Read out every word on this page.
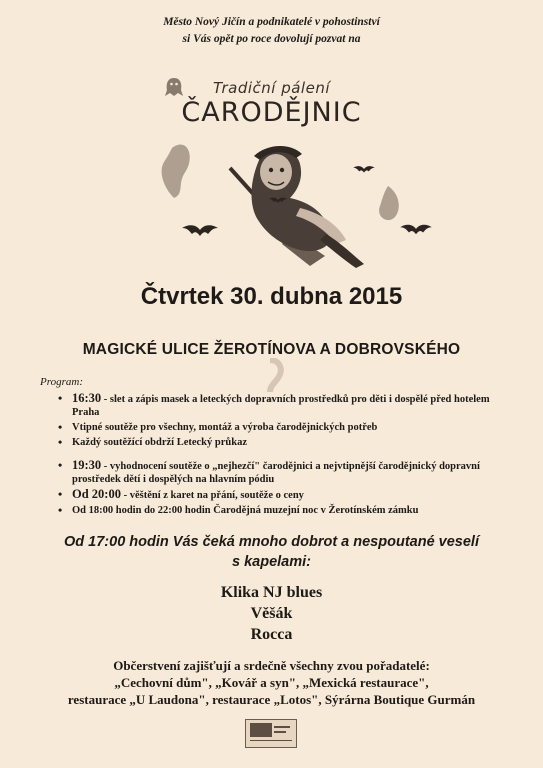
Město Nový Jičín a podnikatelé v pohostinství
si Vás opět po roce dovolují pozvat na
Tradiční pálení
ČARODĚJNIC
Čtvrtek 30. dubna 2015
MAGICKÉ ULICE ŽEROTÍNOVA A DOBROVSKÉHO
Program:
• 16:30 - slet a zápis masek a leteckých dopravních prostředků pro děti i dospělé před hotelem Praha
• Vtipné soutěže pro všechny, montáž a výroba čarodějnických potřeb
• Každý soutěžící obdrží Letecký průkaz
• 19:30 - vyhodnocení soutěže o „nejhezčí" čarodějnici a nejvtipnější čarodějnický dopravní prostředek dětí i dospělých na hlavním pódiu
• Od 20:00 - věštění z karet na přání, soutěže o ceny
• Od 18:00 hodin do 22:00 hodin Čarodějná muzejní noc v Žerotínském zámku
Od 17:00 hodin Vás čeká mnoho dobrot a nespoutané veselí
s kapelami:
Klika NJ blues
Věšák
Rocca
Občerstvení zajišťují a srdečně všechny zvou pořadatelé:
„Cechovní dům", „Kovář a syn", „Mexická restaurace",
restaurace „U Laudona", restaurace „Lotos", Sýrárna Boutique Gurmán
